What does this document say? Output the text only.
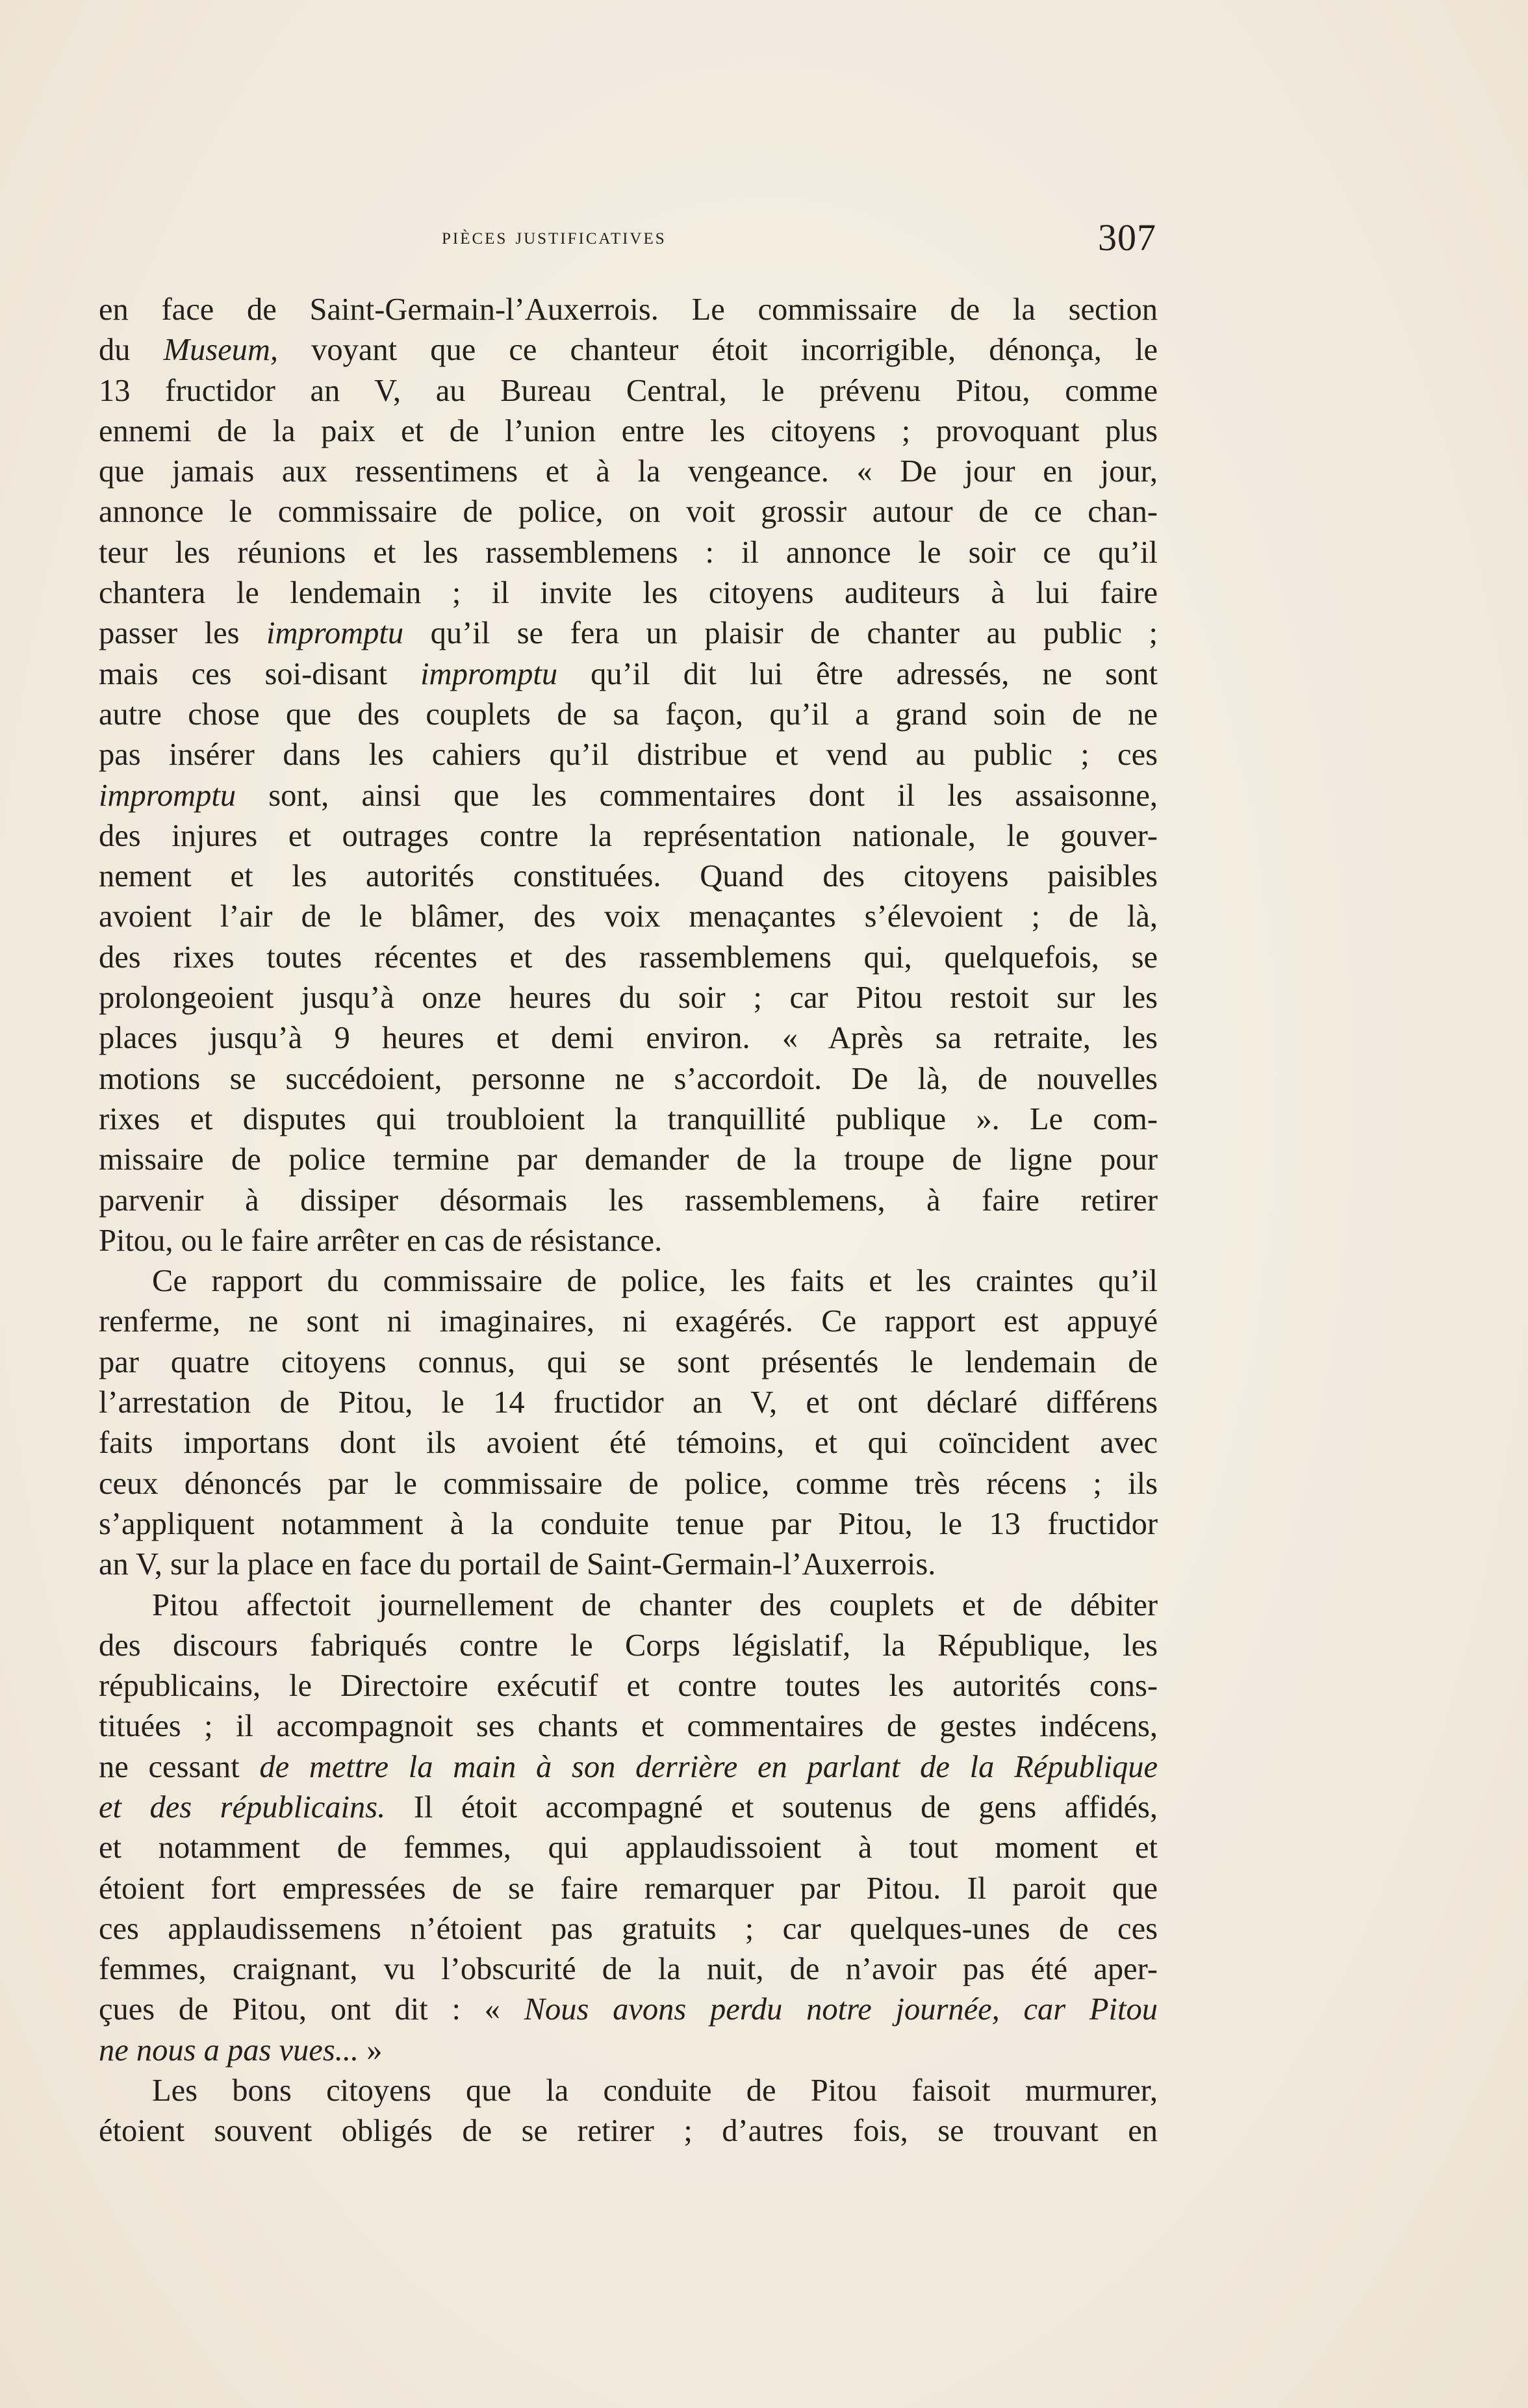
pièces justificatives	307
en face de Saint-Germain-l’Auxerrois. Le commissaire de la section
du Museum, voyant que ce chanteur étoit incorrigible, dénonça, le
13 fructidor an V, au Bureau Central, le prévenu Pitou, comme
ennemi de la paix et de l’union entre les citoyens ; provoquant plus
que jamais aux ressentimens et à la vengeance. « De jour en jour,
annonce le commissaire de police, on voit grossir autour de ce chan-
teur les réunions et les rassemblemens : il annonce le soir ce qu’il
chantera le lendemain ; il invite les citoyens auditeurs à lui faire
passer les impromptu qu’il se fera un plaisir de chanter au public ;
mais ces soi-disant impromptu qu’il dit lui être adressés, ne sont
autre chose que des couplets de sa façon, qu’il a grand soin de ne
pas insérer dans les cahiers qu’il distribue et vend au public ; ces
impromptu sont, ainsi que les commentaires dont il les assaisonne,
des injures et outrages contre la représentation nationale, le gouver-
nement et les autorités constituées. Quand des citoyens paisibles
avoient l’air de le blâmer, des voix menaçantes s’élevoient ; de là,
des rixes toutes récentes et des rassemblemens qui, quelquefois, se
prolongeoient jusqu’à onze heures du soir ; car Pitou restoit sur les
places jusqu’à 9 heures et demi environ. « Après sa retraite, les
motions se succédoient, personne ne s’accordoit. De là, de nouvelles
rixes et disputes qui troubloient la tranquillité publique ». Le com-
missaire de police termine par demander de la troupe de ligne pour
parvenir à dissiper désormais les rassemblemens, à faire retirer
Pitou, ou le faire arrêter en cas de résistance.
Ce rapport du commissaire de police, les faits et les craintes qu’il
renferme, ne sont ni imaginaires, ni exagérés. Ce rapport est appuyé
par quatre citoyens connus, qui se sont présentés le lendemain de
l’arrestation de Pitou, le 14 fructidor an V, et ont déclaré différens
faits importans dont ils avoient été témoins, et qui coïncident avec
ceux dénoncés par le commissaire de police, comme très récens ; ils
s’appliquent notamment à la conduite tenue par Pitou, le 13 fructidor
an V, sur la place en face du portail de Saint-Germain-l’Auxerrois.
Pitou affectoit journellement de chanter des couplets et de débiter
des discours fabriqués contre le Corps législatif, la République, les
républicains, le Directoire exécutif et contre toutes les autorités cons-
tituées ; il accompagnoit ses chants et commentaires de gestes indécens,
ne cessant de mettre la main à son derrière en parlant de la République
et des républicains. Il étoit accompagné et soutenus de gens affidés,
et notamment de femmes, qui applaudissoient à tout moment et
étoient fort empressées de se faire remarquer par Pitou. Il paroit que
ces applaudissemens n’étoient pas gratuits ; car quelques-unes de ces
femmes, craignant, vu l’obscurité de la nuit, de n’avoir pas été aper-
çues de Pitou, ont dit : « Nous avons perdu notre journée, car Pitou
ne nous a pas vues... »
Les bons citoyens que la conduite de Pitou faisoit murmurer,
étoient souvent obligés de se retirer ; d’autres fois, se trouvant en
